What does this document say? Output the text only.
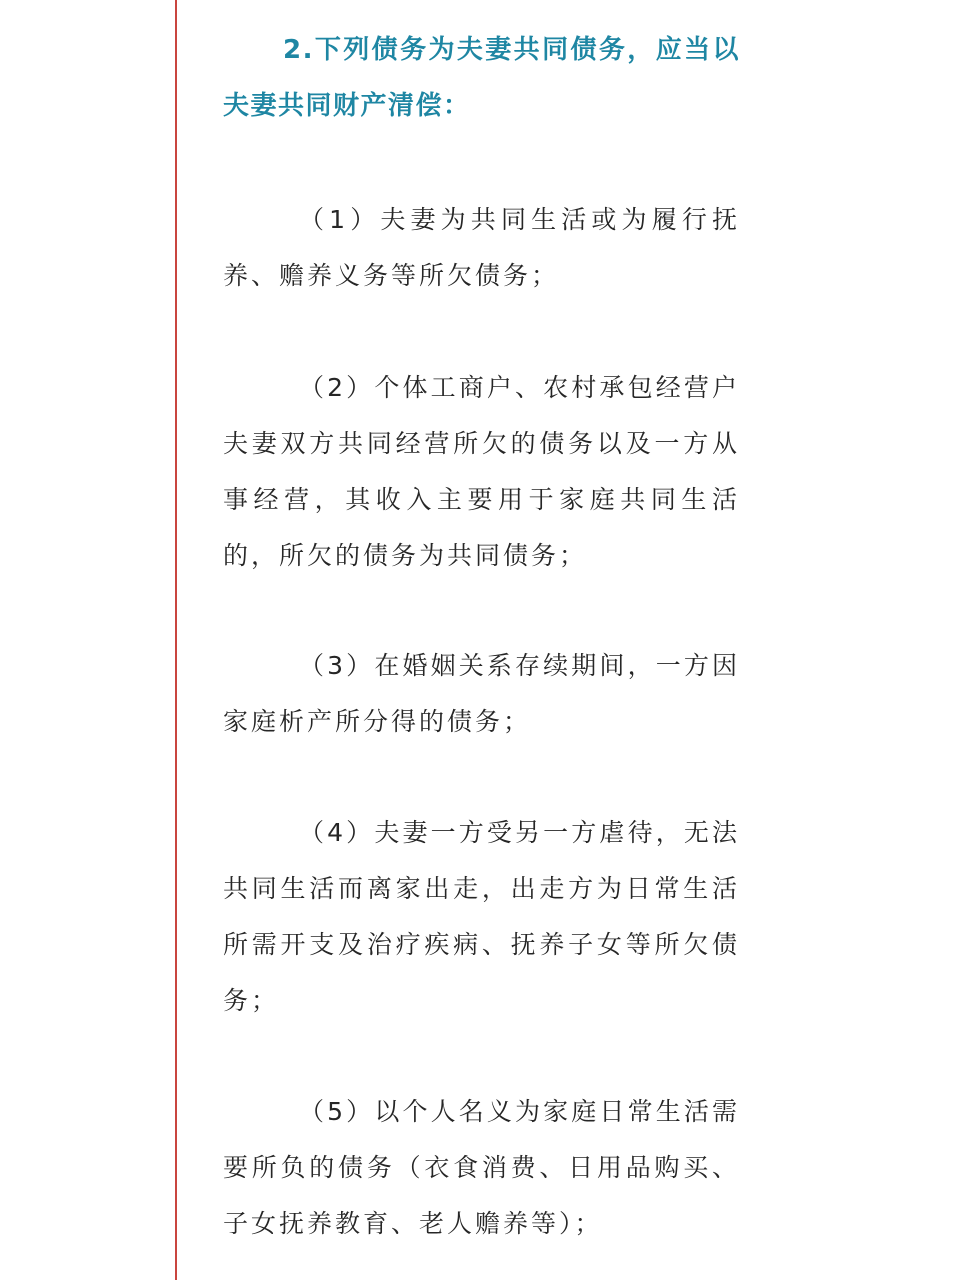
2.下列债务为夫妻共同债务，应当以夫妻共同财产清偿：

（1）夫妻为共同生活或为履行抚养、赡养义务等所欠债务；

（2）个体工商户、农村承包经营户夫妻双方共同经营所欠的债务以及一方从事经营，其收入主要用于家庭共同生活的，所欠的债务为共同债务；

（3）在婚姻关系存续期间，一方因家庭析产所分得的债务；

（4）夫妻一方受另一方虐待，无法共同生活而离家出走，出走方为日常生活所需开支及治疗疾病、抚养子女等所欠债务；

（5）以个人名义为家庭日常生活需要所负的债务（衣食消费、日用品购买、子女抚养教育、老人赡养等）；
